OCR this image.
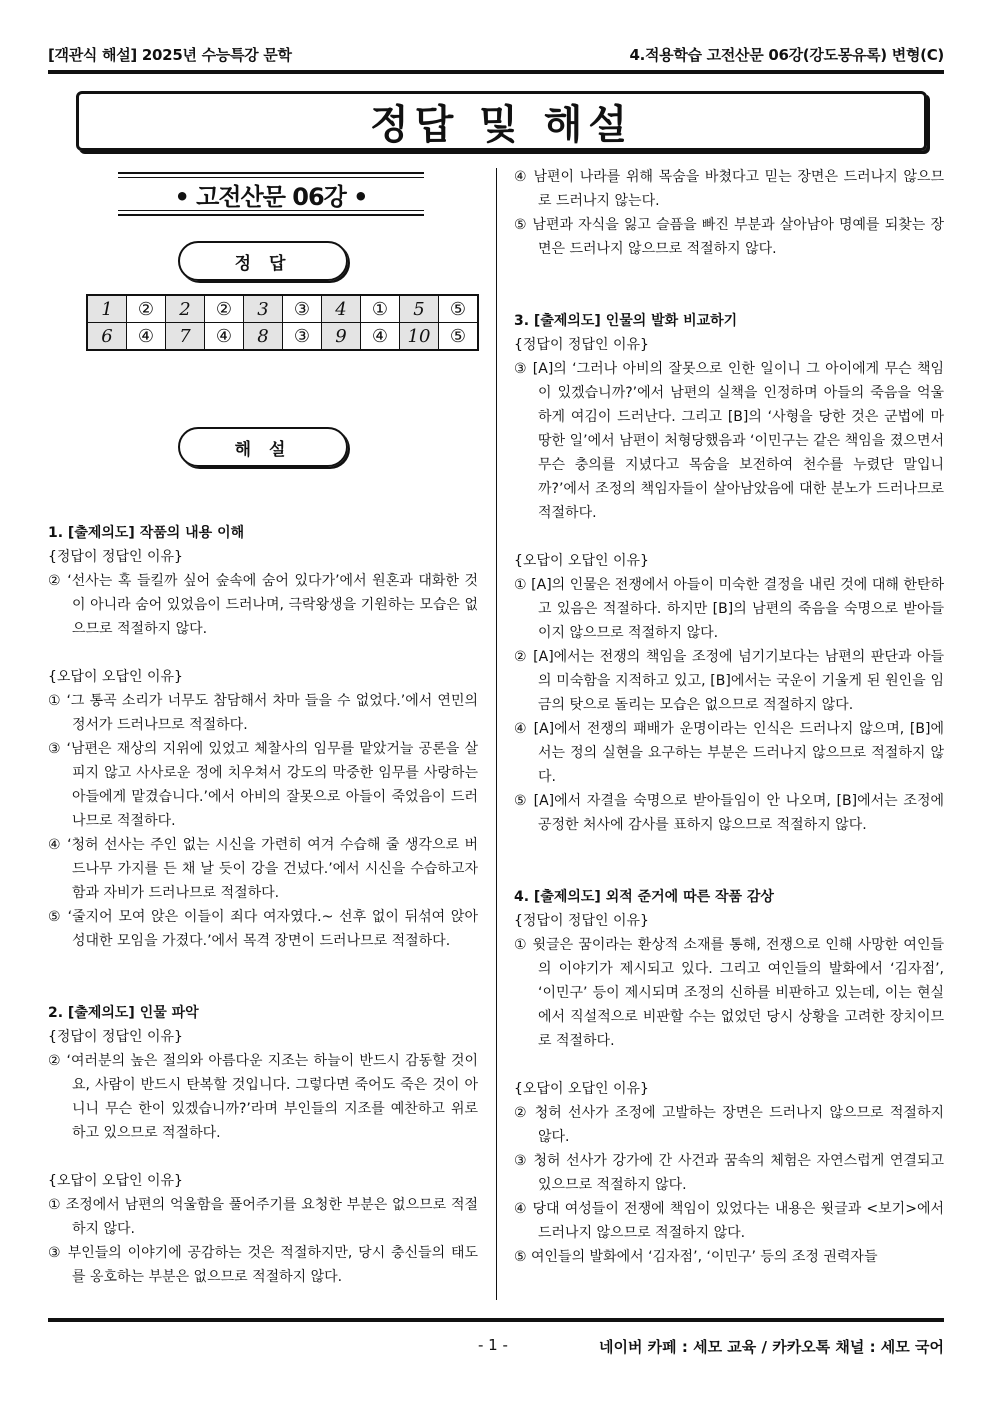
[객관식 해설] 2025년 수능특강 문학	4.적용학습 고전산문 06강(강도몽유록) 변형(C)
정답 및 해설
• 고전산문 06강 •
정 답
1	②	2	②	3	③	4	①	5	⑤
6	④	7	④	8	③	9	④	10	⑤
해 설
1. [출제의도] 작품의 내용 이해
{정답이 정답인 이유}
② ‘선사는 혹 들킬까 싶어 숲속에 숨어 있다가’에서 원혼과 대화한 것이 아니라 숨어 있었음이 드러나며, 극락왕생을 기원하는 모습은 없으므로 적절하지 않다.
{오답이 오답인 이유}
① ‘그 통곡 소리가 너무도 참담해서 차마 들을 수 없었다.’에서 연민의 정서가 드러나므로 적절하다.
③ ‘남편은 재상의 지위에 있었고 체찰사의 임무를 맡았거늘 공론을 살피지 않고 사사로운 정에 치우쳐서 강도의 막중한 임무를 사랑하는 아들에게 맡겼습니다.’에서 아비의 잘못으로 아들이 죽었음이 드러나므로 적절하다.
④ ‘청허 선사는 주인 없는 시신을 가련히 여겨 수습해 줄 생각으로 버드나무 가지를 든 채 날 듯이 강을 건넜다.’에서 시신을 수습하고자 함과 자비가 드러나므로 적절하다.
⑤ ‘줄지어 모여 앉은 이들이 죄다 여자였다.~ 선후 없이 뒤섞여 앉아 성대한 모임을 가졌다.’에서 목격 장면이 드러나므로 적절하다.
2. [출제의도] 인물 파악
{정답이 정답인 이유}
② ‘여러분의 높은 절의와 아름다운 지조는 하늘이 반드시 감동할 것이요, 사람이 반드시 탄복할 것입니다. 그렇다면 죽어도 죽은 것이 아니니 무슨 한이 있겠습니까?’라며 부인들의 지조를 예찬하고 위로하고 있으므로 적절하다.
{오답이 오답인 이유}
① 조정에서 남편의 억울함을 풀어주기를 요청한 부분은 없으므로 적절하지 않다.
③ 부인들의 이야기에 공감하는 것은 적절하지만, 당시 충신들의 태도를 옹호하는 부분은 없으므로 적절하지 않다.
④ 남편이 나라를 위해 목숨을 바쳤다고 믿는 장면은 드러나지 않으므로 드러나지 않는다.
⑤ 남편과 자식을 잃고 슬픔을 빠진 부분과 살아남아 명예를 되찾는 장면은 드러나지 않으므로 적절하지 않다.
3. [출제의도] 인물의 발화 비교하기
{정답이 정답인 이유}
③ [A]의 ‘그러나 아비의 잘못으로 인한 일이니 그 아이에게 무슨 책임이 있겠습니까?’에서 남편의 실책을 인정하며 아들의 죽음을 억울하게 여김이 드러난다. 그리고 [B]의 ‘사형을 당한 것은 군법에 마땅한 일’에서 남편이 처형당했음과 ‘이민구는 같은 책임을 졌으면서 무슨 충의를 지녔다고 목숨을 보전하여 천수를 누렸단 말입니까?’에서 조정의 책임자들이 살아남았음에 대한 분노가 드러나므로 적절하다.
{오답이 오답인 이유}
① [A]의 인물은 전쟁에서 아들이 미숙한 결정을 내린 것에 대해 한탄하고 있음은 적절하다. 하지만 [B]의 남편의 죽음을 숙명으로 받아들이지 않으므로 적절하지 않다.
② [A]에서는 전쟁의 책임을 조정에 넘기기보다는 남편의 판단과 아들의 미숙함을 지적하고 있고, [B]에서는 국운이 기울게 된 원인을 임금의 탓으로 돌리는 모습은 없으므로 적절하지 않다.
④ [A]에서 전쟁의 패배가 운명이라는 인식은 드러나지 않으며, [B]에서는 정의 실현을 요구하는 부분은 드러나지 않으므로 적절하지 않다.
⑤ [A]에서 자결을 숙명으로 받아들임이 안 나오며, [B]에서는 조정에 공정한 처사에 감사를 표하지 않으므로 적절하지 않다.
4. [출제의도] 외적 준거에 따른 작품 감상
{정답이 정답인 이유}
① 윗글은 꿈이라는 환상적 소재를 통해, 전쟁으로 인해 사망한 여인들의 이야기가 제시되고 있다. 그리고 여인들의 발화에서 ‘김자점’, ‘이민구’ 등이 제시되며 조정의 신하를 비판하고 있는데, 이는 현실에서 직설적으로 비판할 수는 없었던 당시 상황을 고려한 장치이므로 적절하다.
{오답이 오답인 이유}
② 청허 선사가 조정에 고발하는 장면은 드러나지 않으므로 적절하지 않다.
③ 청허 선사가 강가에 간 사건과 꿈속의 체험은 자연스럽게 연결되고 있으므로 적절하지 않다.
④ 당대 여성들이 전쟁에 책임이 있었다는 내용은 윗글과 <보기>에서 드러나지 않으므로 적절하지 않다.
⑤ 여인들의 발화에서 ‘김자점’, ‘이민구’ 등의 조정 권력자들
- 1 -	네이버 카페 : 세모 교육 / 카카오톡 채널 : 세모 국어
